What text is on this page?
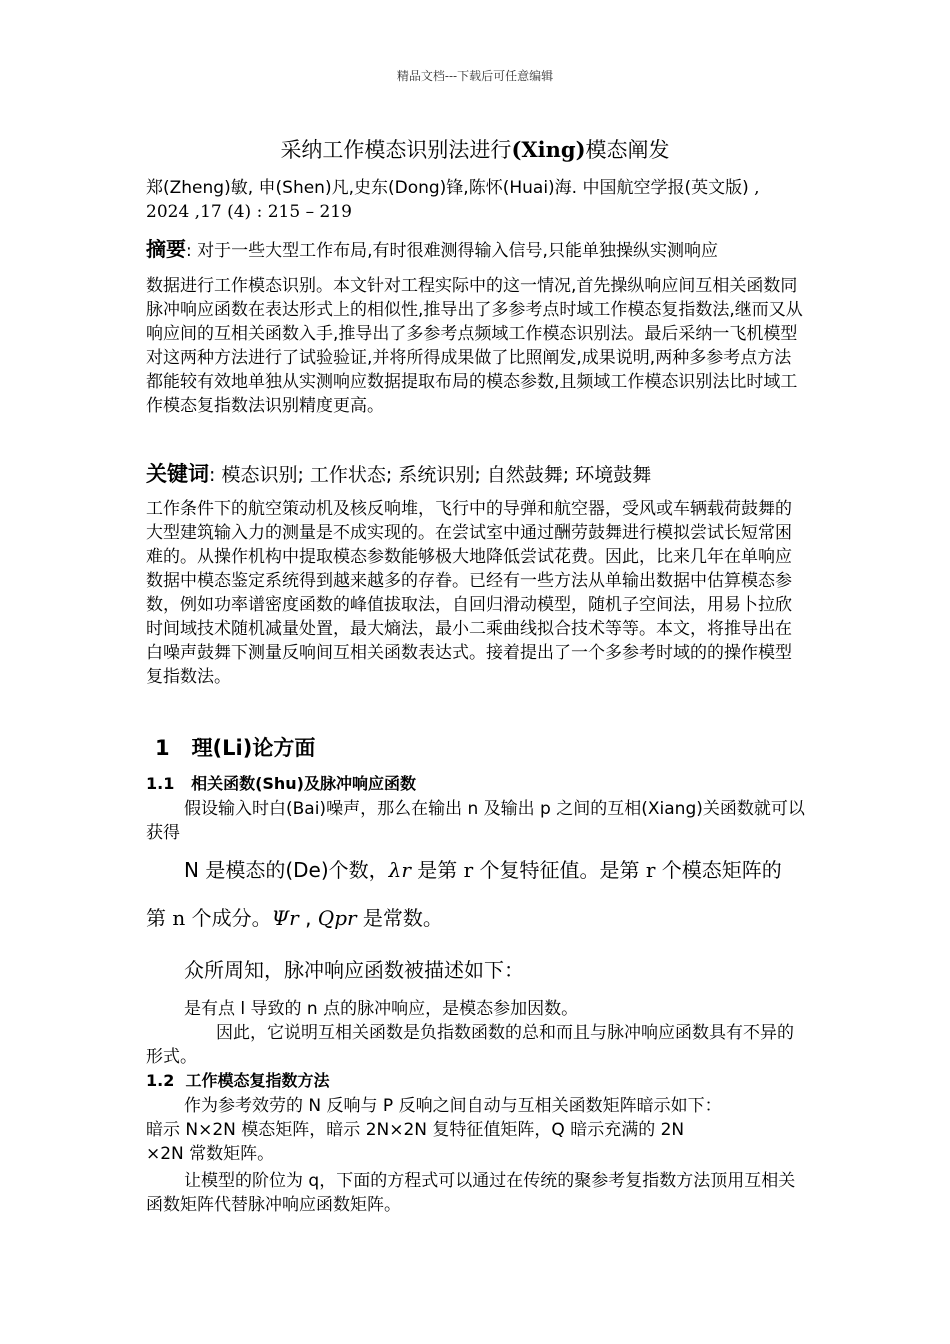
精品文档---下载后可任意编辑
采纳工作模态识别法进行(Xing)模态阐发
郑(Zheng)敏, 申(Shen)凡,史东(Dong)锋,陈怀(Huai)海. 中国航空学报(英文版) , 2024 ,17 (4) : 215 – 219
摘要: 对于一些大型工作布局,有时很难测得输入信号,只能单独操纵实测响应

数据进行工作模态识别。本文针对工程实际中的这一情况,首先操纵响应间互相关函数同脉冲响应函数在表达形式上的相似性,推导出了多参考点时域工作模态复指数法,继而又从响应间的互相关函数入手,推导出了多参考点频域工作模态识别法。最后采纳一飞机模型对这两种方法进行了试验验证,并将所得成果做了比照阐发,成果说明,两种多参考点方法都能较有效地单独从实测响应数据提取布局的模态参数,且频域工作模态识别法比时域工作模态复指数法识别精度更高。

关键词: 模态识别; 工作状态; 系统识别; 自然鼓舞; 环境鼓舞

工作条件下的航空策动机及核反响堆，飞行中的导弹和航空器，受风或车辆载荷鼓舞的大型建筑输入力的测量是不成实现的。在尝试室中通过酬劳鼓舞进行模拟尝试长短常困难的。从操作机构中提取模态参数能够极大地降低尝试花费。因此，比来几年在单响应数据中模态鉴定系统得到越来越多的存眷。已经有一些方法从单输出数据中估算模态参数，例如功率谱密度函数的峰值拔取法，自回归滑动模型，随机子空间法，用易卜拉欣时间域技术随机减量处置，最大熵法，最小二乘曲线拟合技术等等。本文，将推导出在白噪声鼓舞下测量反响间互相关函数表达式。接着提出了一个多参考时域的的操作模型复指数法。

1 理(Li)论方面
1.1 相关函数(Shu)及脉冲响应函数

假设输入时白(Bai)噪声，那么在输出 n 及输出 p 之间的互相(Xiang)关函数就可以获得

N 是模态的(De)个数，λr 是第 r 个复特征值。是第 r 个模态矩阵的

第 n 个成分。Ψr , Qpr 是常数。

众所周知，脉冲响应函数被描述如下：

是有点 l 导致的 n 点的脉冲响应，是模态参加因数。

因此，它说明互相关函数是负指数函数的总和而且与脉冲响应函数具有不异的形式。

1.2 工作模态复指数方法

作为参考效劳的 N 反响与 P 反响之间自动与互相关函数矩阵暗示如下：

暗示 N×2N 模态矩阵，暗示 2N×2N 复特征值矩阵，Q 暗示充满的 2N

×2N 常数矩阵。

让模型的阶位为 q，下面的方程式可以通过在传统的聚参考复指数方法顶用互相关函数矩阵代替脉冲响应函数矩阵。
